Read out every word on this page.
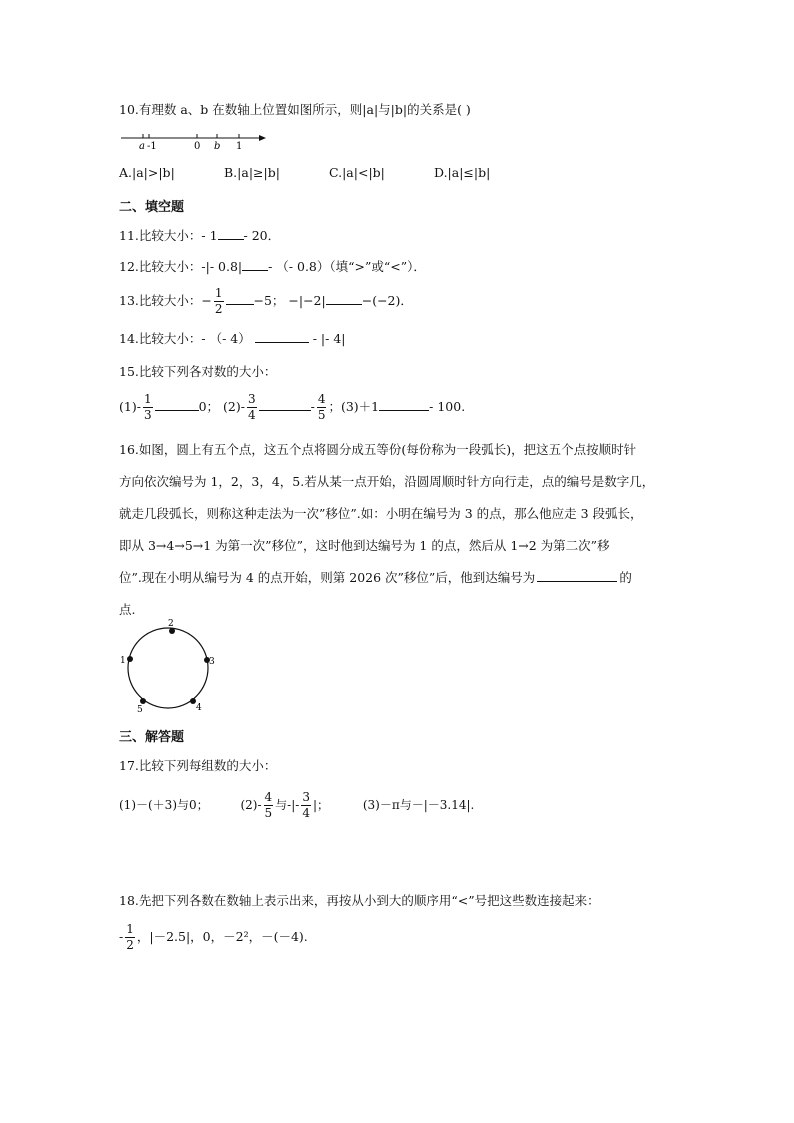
10.有理数 a、b 在数轴上位置如图所示，则|a|与|b|的关系是( )
a -1	0 b 1
A.|a|>|b|	B.|a|≥|b|	C.|a|<|b|	D.|a|≤|b|
二、填空题
11.比较大小：- 1 - 20．
12.比较大小：-|- 0.8| - （- 0.8）（填“>”或“<”）．
13.比较大小：− $\frac{1}{2} -5$； −|−2|	−(−2)．
14.比较大小：- （- 4）	- |- 4|
15.比较下列各对数的大小：
$(1)- \frac{1}{3}$	0； $(2)- \frac{3}{4}$	- $\frac{4}{5}$ ；(3)＋1	- 100.
16.如图，圆上有五个点，这五个点将圆分成五等份(每份称为一段弧长)，把这五个点按顺时针
方向依次编号为 1，2，3，4，5.若从某一点开始，沿圆周顺时针方向行走，点的编号是数字几，
就走几段弧长，则称这种走法为一次”移位”.如：小明在编号为 3 的点，那么他应走 3 段弧长，
即从 3→4→5→1 为第一次”移位”，这时他到达编号为 1 的点，然后从 1→2 为第二次”移
位”.现在小明从编号为 4 的点开始，则第 2026 次”移位”后，他到达编号为	的
点.
1
2
3
4
5
三、解答题
17.比较下列每组数的大小：
(1)－(＋3)与0；	$(2)- \frac{4}{5}$ 与-|- $\frac{3}{4}$ |；	(3)－π与－|－3.14|.
18.先把下列各数在数轴上表示出来，再按从小到大的顺序用“<”号把这些数连接起来：
- $\frac{1}{2}$ ，|－2.5|，0，－2²，－(－4).
